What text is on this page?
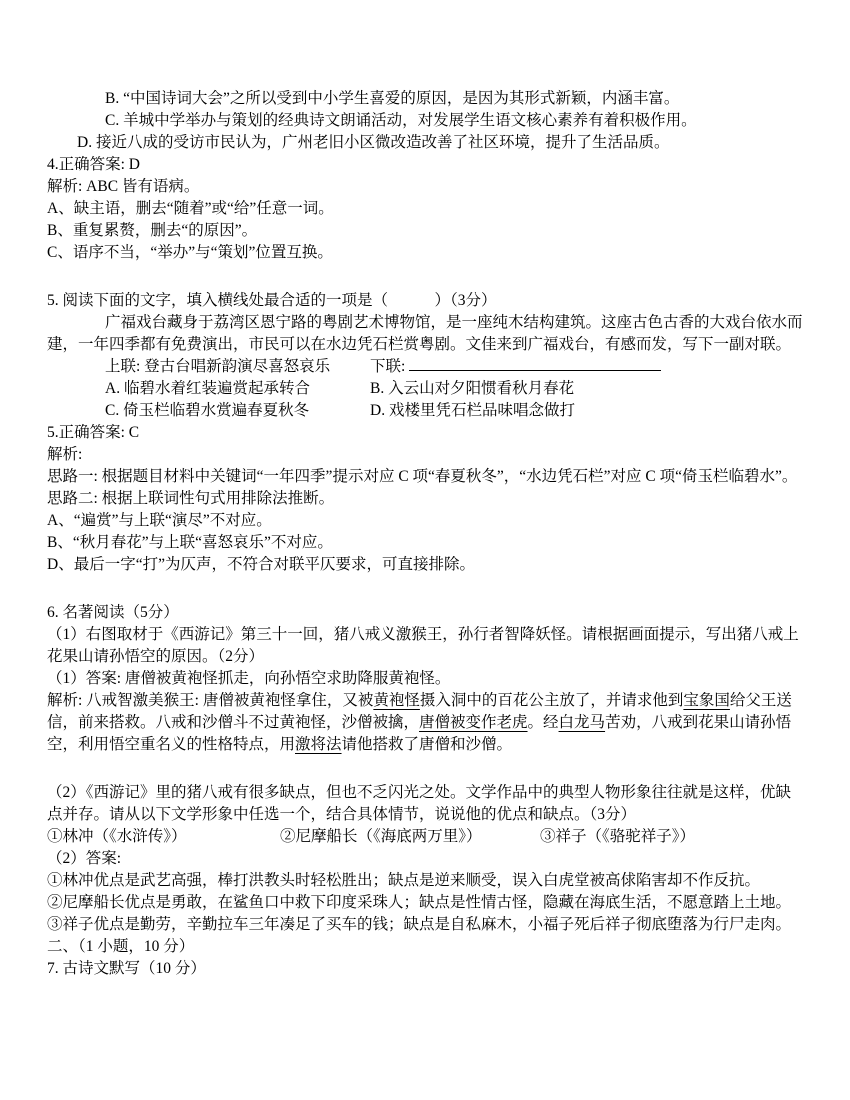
B. “中国诗词大会”之所以受到中小学生喜爱的原因，是因为其形式新颖，内涵丰富。

C. 羊城中学举办与策划的经典诗文朗诵活动，对发展学生语文核心素养有着积极作用。

D. 接近八成的受访市民认为，广州老旧小区微改造改善了社区环境，提升了生活品质。

4.正确答案: D

解析: ABC 皆有语病。

A、缺主语，删去“随着”或“给”任意一词。

B、重复累赘，删去“的原因”。

C、语序不当，“举办”与“策划”位置互换。

5. 阅读下面的文字，填入横线处最合适的一项是（　　　）（3分）

广福戏台藏身于荔湾区恩宁路的粤剧艺术博物馆，是一座纯木结构建筑。这座古色古香的大戏台依水而建，一年四季都有免费演出，市民可以在水边凭石栏赏粤剧。文佳来到广福戏台，有感而发，写下一副对联。

上联: 登古台唱新韵演尽喜怒哀乐	下联:
A. 临碧水着红装遍赏起承转合	B. 入云山对夕阳惯看秋月春花
C. 倚玉栏临碧水赏遍春夏秋冬	D. 戏楼里凭石栏品味唱念做打

5.正确答案: C

解析:

思路一: 根据题目材料中关键词“一年四季”提示对应 C 项“春夏秋冬”，“水边凭石栏”对应 C 项“倚玉栏临碧水”。

思路二: 根据上联词性句式用排除法推断。

A、“遍赏”与上联“演尽”不对应。

B、“秋月春花”与上联“喜怒哀乐”不对应。

D、最后一字“打”为仄声，不符合对联平仄要求，可直接排除。

6. 名著阅读（5分）

（1）右图取材于《西游记》第三十一回，猪八戒义激猴王，孙行者智降妖怪。请根据画面提示，写出猪八戒上花果山请孙悟空的原因。（2分）

（1）答案: 唐僧被黄袍怪抓走，向孙悟空求助降服黄袍怪。

解析: 八戒智激美猴王: 唐僧被黄袍怪拿住，又被黄袍怪摄入洞中的百花公主放了，并请求他到宝象国给父王送信，前来搭救。八戒和沙僧斗不过黄袍怪，沙僧被擒，唐僧被变作老虎。经白龙马苦劝，八戒到花果山请孙悟空，利用悟空重名义的性格特点，用激将法请他搭救了唐僧和沙僧。

（2）《西游记》里的猪八戒有很多缺点，但也不乏闪光之处。文学作品中的典型人物形象往往就是这样，优缺点并存。请从以下文学形象中任选一个，结合具体情节，说说他的优点和缺点。（3分）

①林冲（《水浒传》）	②尼摩船长（《海底两万里》）	③祥子（《骆驼祥子》）

（2）答案:

①林冲优点是武艺高强，棒打洪教头时轻松胜出；缺点是逆来顺受，误入白虎堂被高俅陷害却不作反抗。

②尼摩船长优点是勇敢，在鲨鱼口中救下印度采珠人；缺点是性情古怪，隐藏在海底生活，不愿意踏上土地。

③祥子优点是勤劳，辛勤拉车三年凑足了买车的钱；缺点是自私麻木，小福子死后祥子彻底堕落为行尸走肉。

二、（1 小题，10 分）

7. 古诗文默写（10 分）
